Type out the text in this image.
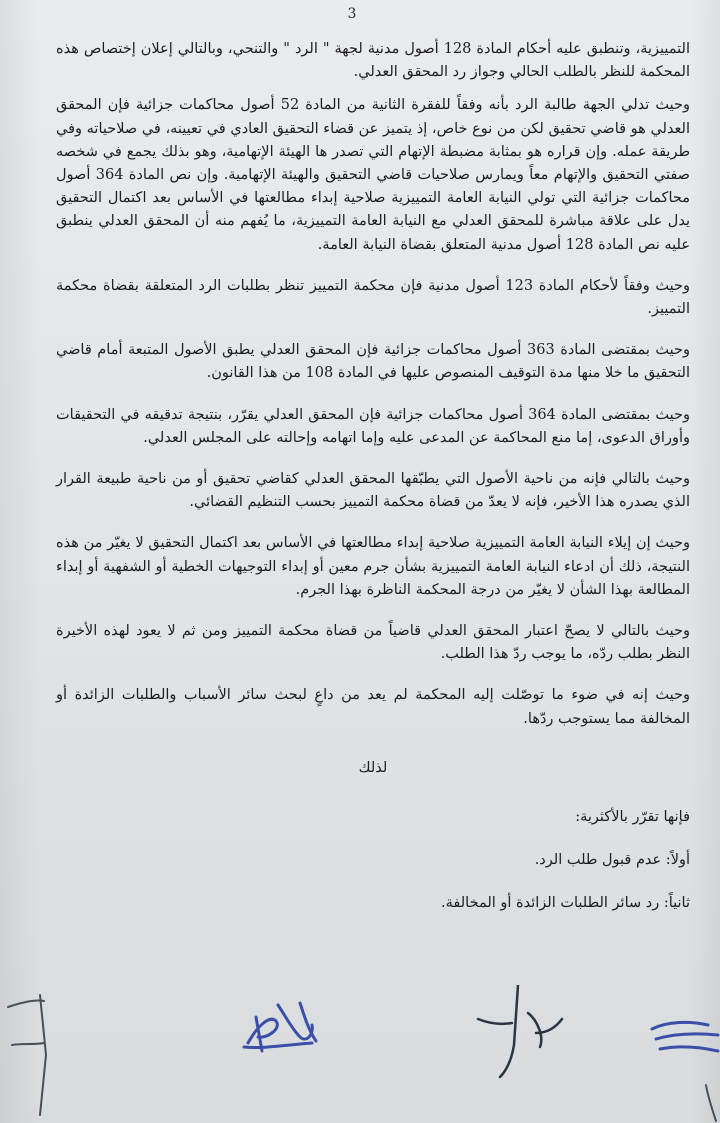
3

التمييزية، وتنطبق عليه أحكام المادة 128 أصول مدنية لجهة " الرد " والتنحي، وبالتالي إعلان إختصاص هذه المحكمة للنظر بالطلب الحالي وجواز رد المحقق العدلي.

وحيث تدلي الجهة طالبة الرد بأنه وفقاً للفقرة الثانية من المادة 52 أصول محاكمات جزائية فإن المحقق العدلي هو قاضي تحقيق لكن من نوع خاص، إذ يتميز عن قضاء التحقيق العادي في تعيينه، في صلاحياته وفي طريقة عمله. وإن قراره هو بمثابة مضبطة الإتهام التي تصدر ها الهيئة الإتهامية، وهو بذلك يجمع في شخصه صفتي التحقيق والإتهام معاً ويمارس صلاحيات قاضي التحقيق والهيئة الإتهامية. وإن نص المادة 364 أصول محاكمات جزائية التي تولي النيابة العامة التمييزية صلاحية إبداء مطالعتها في الأساس بعد اكتمال التحقيق يدل على علاقة مباشرة للمحقق العدلي مع النيابة العامة التمييزية، ما يُفهم منه أن المحقق العدلي ينطبق عليه نص المادة 128 أصول مدنية المتعلق بقضاة النيابة العامة.

وحيث وفقاً لأحكام المادة 123 أصول مدنية فإن محكمة التمييز تنظر بطلبات الرد المتعلقة بقضاة محكمة التمييز.

وحيث بمقتضى المادة 363 أصول محاكمات جزائية فإن المحقق العدلي يطبق الأصول المتبعة أمام قاضي التحقيق ما خلا منها مدة التوقيف المنصوص عليها في المادة 108 من هذا القانون.

وحيث بمقتضى المادة 364 أصول محاكمات جزائية فإن المحقق العدلي يقرّر، بنتيجة تدقيقه في التحقيقات وأوراق الدعوى، إما منع المحاكمة عن المدعى عليه وإما اتهامه وإحالته على المجلس العدلي.

وحيث بالتالي فإنه من ناحية الأصول التي يطبّقها المحقق العدلي كقاضي تحقيق أو من ناحية طبيعة القرار الذي يصدره هذا الأخير، فإنه لا يعدّ من قضاة محكمة التمييز بحسب التنظيم القضائي.

وحيث إن إيلاء النيابة العامة التمييزية صلاحية إبداء مطالعتها في الأساس بعد اكتمال التحقيق لا يغيّر من هذه النتيجة، ذلك أن ادعاء النيابة العامة التمييزية بشأن جرم معين أو إبداء التوجيهات الخطية أو الشفهية أو إبداء المطالعة بهذا الشأن لا يغيّر من درجة المحكمة الناظرة بهذا الجرم.

وحيث بالتالي لا يصحّ اعتبار المحقق العدلي قاضياً من قضاة محكمة التمييز ومن ثم لا يعود لهذه الأخيرة النظر بطلب ردّه، ما يوجب ردّ هذا الطلب.

وحيث إنه في ضوء ما توصّلت إليه المحكمة لم يعد من داعٍ لبحث سائر الأسباب والطلبات الزائدة أو المخالفة مما يستوجب ردّها.

لذلك

فإنها تقرّر بالأكثرية:

أولاً: عدم قبول طلب الرد.

ثانياً: رد سائر الطلبات الزائدة أو المخالفة.
